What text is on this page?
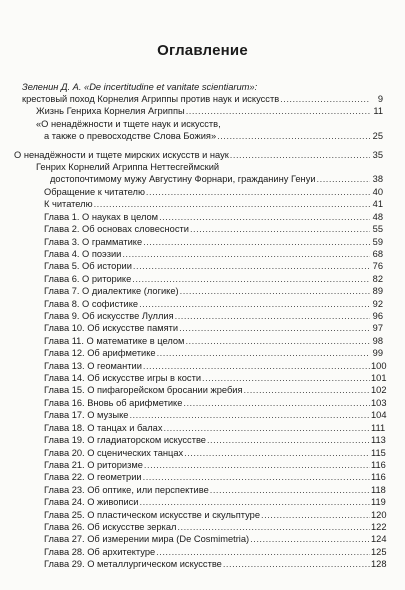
Оглавление
Зеленин Д. А. «De incertitudine et vanitate scientiarum»:
крестовый поход Корнелия Агриппы против наук и искусств .....	9
Жизнь Генриха Корнелия Агриппы .....	11
«О ненадёжности и тщете наук и искусств,
а также о превосходстве Слова Божия» .....	25
О ненадёжности и тщете мирских искусств и наук .....	35
Генрих Корнелий Агриппа Неттесгеймский
достопочтимому мужу Августину Форнари, гражданину Генуи .....	38
Обращение к читателю .....	40
К читателю .....	41
Глава 1. О науках в целом .....	48
Глава 2. Об основах словесности .....	55
Глава 3. О грамматике .....	59
Глава 4. О поэзии .....	68
Глава 5. Об истории .....	76
Глава 6. О риторике .....	82
Глава 7. О диалектике (логике) .....	89
Глава 8. О софистике .....	92
Глава 9. Об искусстве Луллия .....	96
Глава 10. Об искусстве памяти .....	97
Глава 11. О математике в целом .....	98
Глава 12. Об арифметике .....	99
Глава 13. О геомантии .....	100
Глава 14. Об искусстве игры в кости .....	101
Глава 15. О пифагорейском бросании жребия .....	102
Глава 16. Вновь об арифметике .....	103
Глава 17. О музыке .....	104
Глава 18. О танцах и балах .....	111
Глава 19. О гладиаторском искусстве .....	113
Глава 20. О сценических танцах .....	115
Глава 21. О риторизме .....	116
Глава 22. О геометрии .....	116
Глава 23. Об оптике, или перспективе .....	118
Глава 24. О живописи .....	119
Глава 25. О пластическом искусстве и скульптуре .....	120
Глава 26. Об искусстве зеркал .....	122
Глава 27. Об измерении мира (De Cosmimetria) .....	124
Глава 28. Об архитектуре .....	125
Глава 29. О металлургическом искусстве .....	128
